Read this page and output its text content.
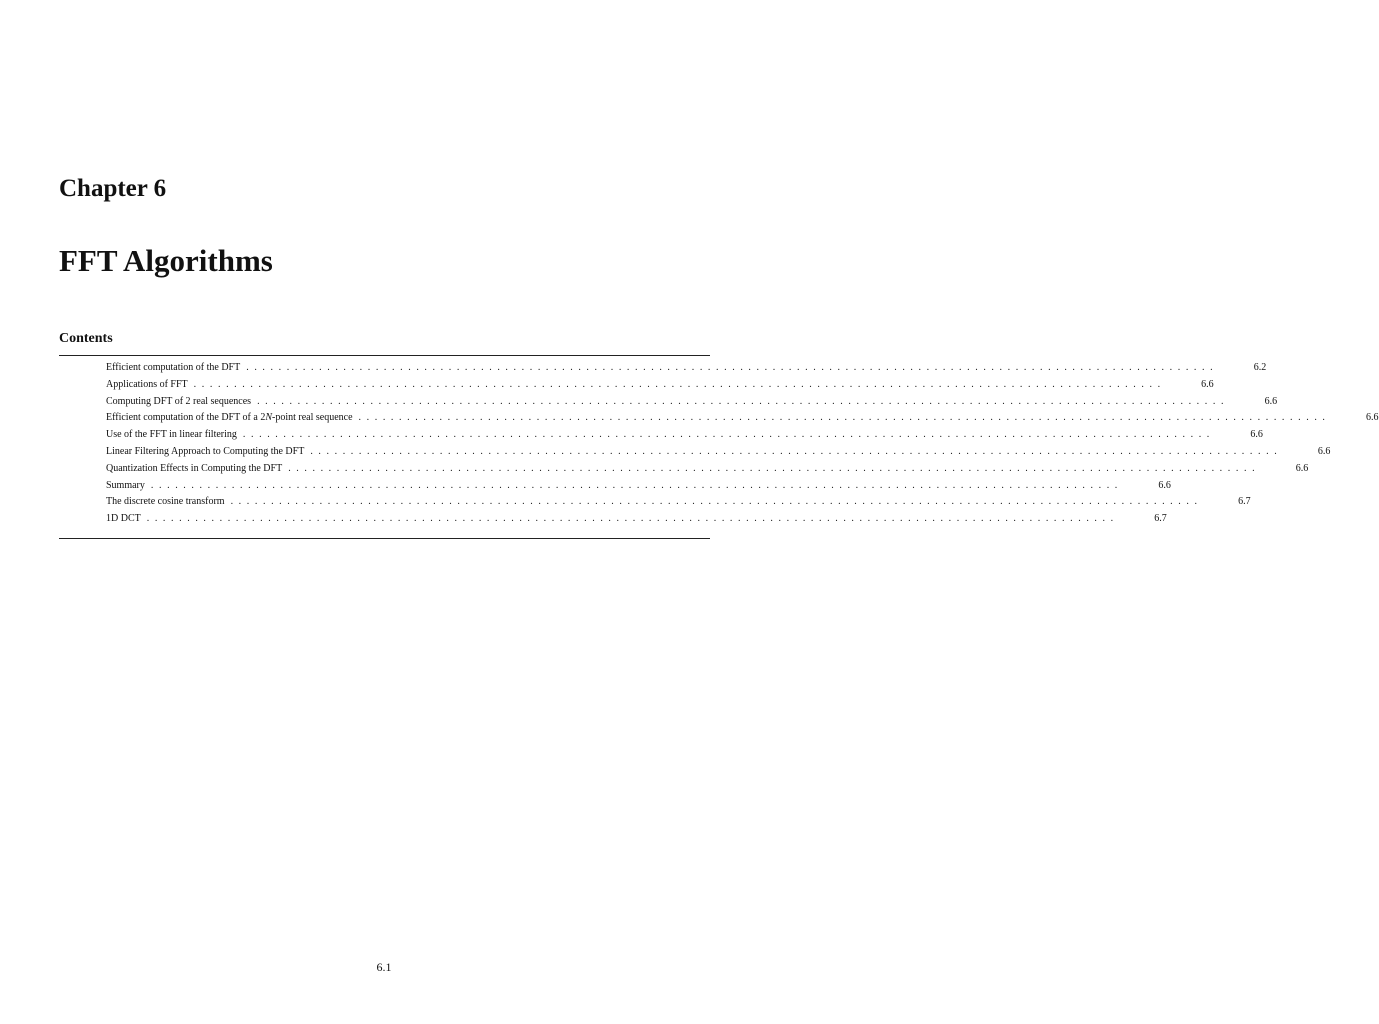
Chapter 6
FFT Algorithms
Contents
Efficient computation of the DFT ........................................................................................................................	6.2
Applications of FFT ........................................................................................................................	6.6
Computing DFT of 2 real sequences ........................................................................................................................	6.6
Efficient computation of the DFT of a 2N-point real sequence ........................................................................................................................	6.6
Use of the FFT in linear filtering ........................................................................................................................	6.6
Linear Filtering Approach to Computing the DFT ........................................................................................................................	6.6
Quantization Effects in Computing the DFT ........................................................................................................................	6.6
Summary ........................................................................................................................	6.6
The discrete cosine transform ........................................................................................................................	6.7
1D DCT ........................................................................................................................	6.7
6.1
